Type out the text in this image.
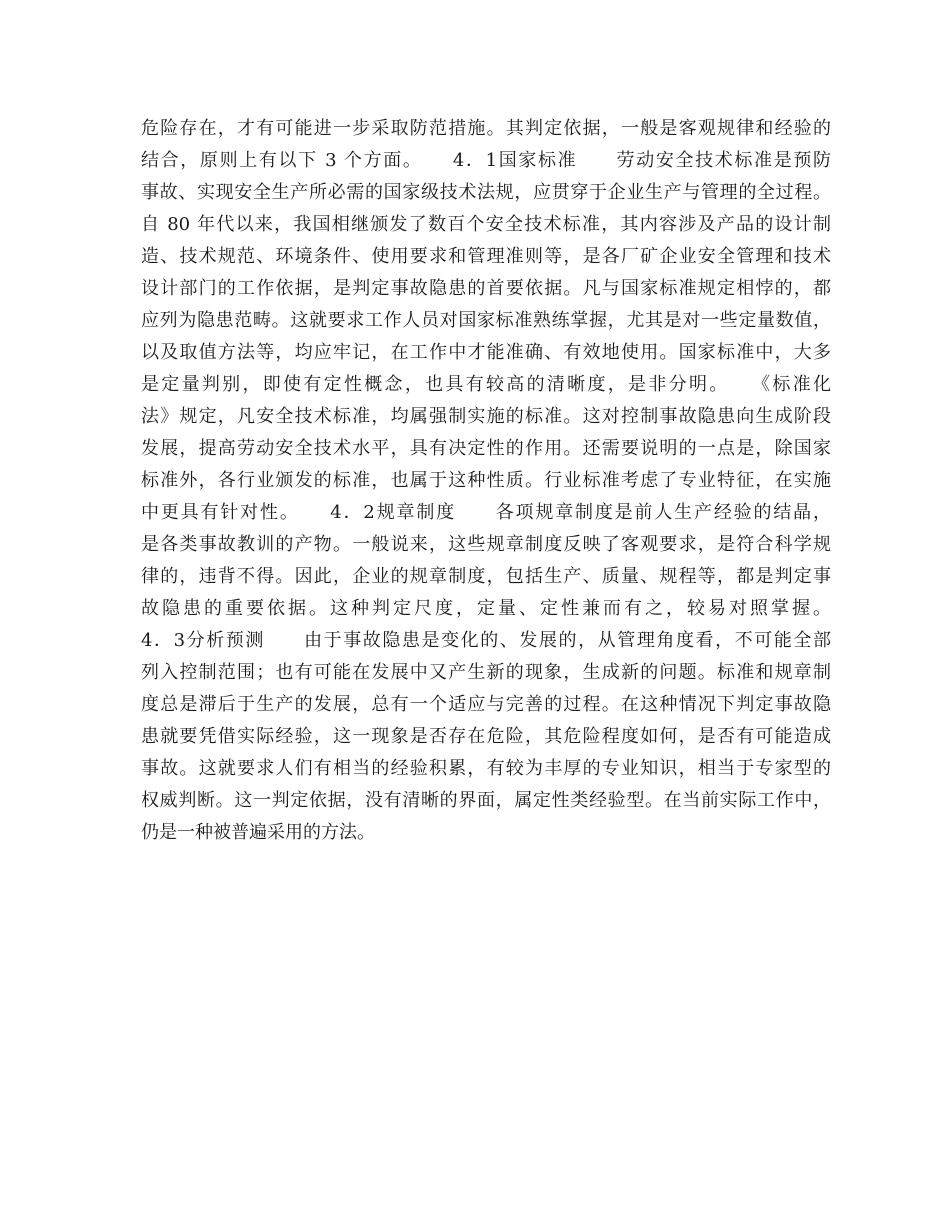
危险存在，才有可能进一步采取防范措施。其判定依据，一般是客观规律和经验的
结合，原则上有以下 3 个方面。　　4．1国家标准　　劳动安全技术标准是预防
事故、实现安全生产所必需的国家级技术法规，应贯穿于企业生产与管理的全过程。
自 80 年代以来，我国相继颁发了数百个安全技术标准，其内容涉及产品的设计制
造、技术规范、环境条件、使用要求和管理准则等，是各厂矿企业安全管理和技术
设计部门的工作依据，是判定事故隐患的首要依据。凡与国家标准规定相悖的，都
应列为隐患范畴。这就要求工作人员对国家标准熟练掌握，尤其是对一些定量数值，
以及取值方法等，均应牢记，在工作中才能准确、有效地使用。国家标准中，大多
是定量判别，即使有定性概念，也具有较高的清晰度，是非分明。　　《标准化
法》规定，凡安全技术标准，均属强制实施的标准。这对控制事故隐患向生成阶段
发展，提高劳动安全技术水平，具有决定性的作用。还需要说明的一点是，除国家
标准外，各行业颁发的标准，也属于这种性质。行业标准考虑了专业特征，在实施
中更具有针对性。　　4．2规章制度　　各项规章制度是前人生产经验的结晶，
是各类事故教训的产物。一般说来，这些规章制度反映了客观要求，是符合科学规
律的，违背不得。因此，企业的规章制度，包括生产、质量、规程等，都是判定事
故隐患的重要依据。这种判定尺度，定量、定性兼而有之，较易对照掌握。
4．3分析预测　　由于事故隐患是变化的、发展的，从管理角度看，不可能全部
列入控制范围；也有可能在发展中又产生新的现象，生成新的问题。标准和规章制
度总是滞后于生产的发展，总有一个适应与完善的过程。在这种情况下判定事故隐
患就要凭借实际经验，这一现象是否存在危险，其危险程度如何，是否有可能造成
事故。这就要求人们有相当的经验积累，有较为丰厚的专业知识，相当于专家型的
权威判断。这一判定依据，没有清晰的界面，属定性类经验型。在当前实际工作中，
仍是一种被普遍采用的方法。
